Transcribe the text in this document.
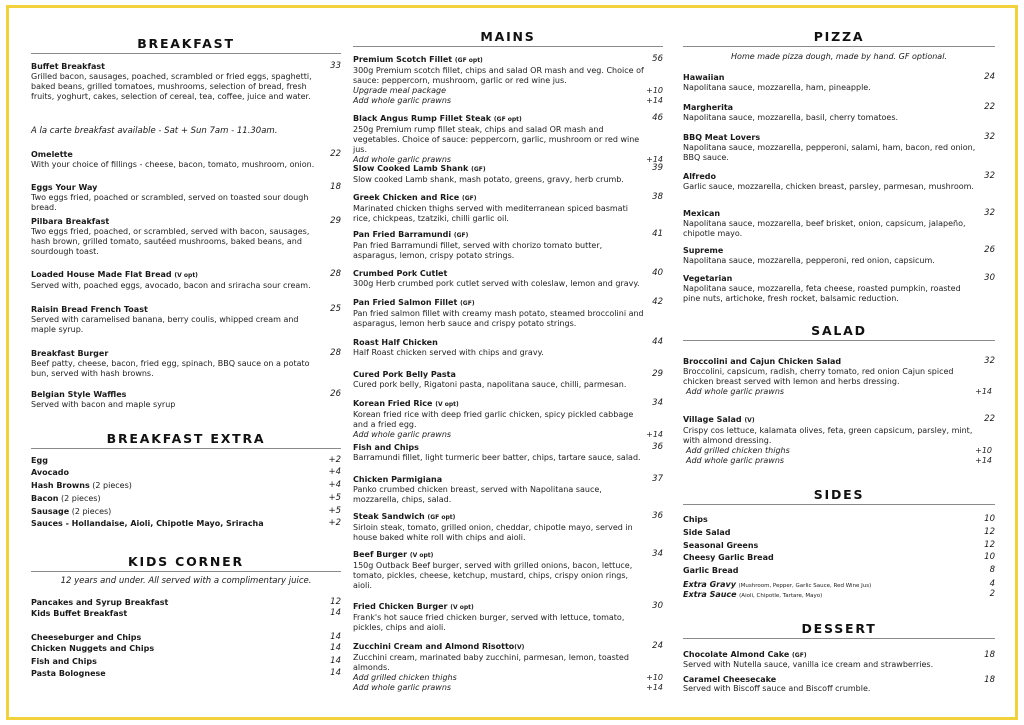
BREAKFAST
Buffet Breakfast	33
Grilled bacon, sausages, poached, scrambled or fried eggs, spaghetti, baked beans, grilled tomatoes, mushrooms, selection of bread, fresh fruits, yoghurt, cakes, selection of cereal, tea, coffee, juice and water.
A la carte breakfast available - Sat + Sun 7am - 11.30am.
Omelette	22
With your choice of fillings - cheese, bacon, tomato, mushroom, onion.
Eggs Your Way	18
Two eggs fried, poached or scrambled, served on toasted sour dough bread.
Pilbara Breakfast	29
Two eggs fried, poached, or scrambled, served with bacon, sausages, hash brown, grilled tomato, sautéed mushrooms, baked beans, and sourdough toast.
Loaded House Made Flat Bread (V opt)	28
Served with, poached eggs, avocado, bacon and sriracha sour cream.
Raisin Bread French Toast	25
Served with caramelised banana, berry coulis, whipped cream and maple syrup.
Breakfast Burger	28
Beef patty, cheese, bacon, fried egg, spinach, BBQ sauce on a potato bun, served with hash browns.
Belgian Style Waffles	26
Served with bacon and maple syrup
BREAKFAST EXTRA
Egg	+2
Avocado	+4
Hash Browns (2 pieces)	+4
Bacon (2 pieces)	+5
Sausage (2 pieces)	+5
Sauces - Hollandaise, Aioli, Chipotle Mayo, Sriracha	+2
KIDS CORNER
12 years and under. All served with a complimentary juice.
Pancakes and Syrup Breakfast	12
Kids Buffet Breakfast	14
Cheeseburger and Chips	14
Chicken Nuggets and Chips	14
Fish and Chips	14
Pasta Bolognese	14
MAINS
Premium Scotch Fillet (GF opt)	56
300g Premium scotch fillet, chips and salad OR mash and veg. Choice of sauce: peppercorn, mushroom, garlic or red wine jus.
Upgrade meal package	+10
Add whole garlic prawns	+14
Black Angus Rump Fillet Steak (GF opt)	46
250g Premium rump fillet steak, chips and salad OR mash and vegetables. Choice of sauce: peppercorn, garlic, mushroom or red wine jus.
Add whole garlic prawns	+14
Slow Cooked Lamb Shank (GF)	39
Slow cooked Lamb shank, mash potato, greens, gravy, herb crumb.
Greek Chicken and Rice (GF)	38
Marinated chicken thighs served with mediterranean spiced basmati rice, chickpeas, tzatziki, chilli garlic oil.
Pan Fried Barramundi (GF)	41
Pan fried Barramundi fillet, served with chorizo tomato butter, asparagus, lemon, crispy potato strings.
Crumbed Pork Cutlet	40
300g Herb crumbed pork cutlet served with coleslaw, lemon and gravy.
Pan Fried Salmon Fillet (GF)	42
Pan fried salmon fillet with creamy mash potato, steamed broccolini and asparagus, lemon herb sauce and crispy potato strings.
Roast Half Chicken	44
Half Roast chicken served with chips and gravy.
Cured Pork Belly Pasta	29
Cured pork belly, Rigatoni pasta, napolitana sauce, chilli, parmesan.
Korean Fried Rice (V opt)	34
Korean fried rice with deep fried garlic chicken, spicy pickled cabbage and a fried egg.
Add whole garlic prawns	+14
Fish and Chips	36
Barramundi fillet, light turmeric beer batter, chips, tartare sauce, salad.
Chicken Parmigiana	37
Panko crumbed chicken breast, served with Napolitana sauce, mozzarella, chips, salad.
Steak Sandwich (GF opt)	36
Sirloin steak, tomato, grilled onion, cheddar, chipotle mayo, served in house baked white roll with chips and aioli.
Beef Burger (V opt)	34
150g Outback Beef burger, served with grilled onions, bacon, lettuce, tomato, pickles, cheese, ketchup, mustard, chips, crispy onion rings, aioli.
Fried Chicken Burger (V opt)	30
Frank's hot sauce fried chicken burger, served with lettuce, tomato, pickles, chips and aioli.
Zucchini Cream and Almond Risotto(V)	24
Zucchini cream, marinated baby zucchini, parmesan, lemon, toasted almonds.
Add grilled chicken thighs	+10
Add whole garlic prawns	+14
PIZZA
Home made pizza dough, made by hand. GF optional.
Hawaiian	24
Napolitana sauce, mozzarella, ham, pineapple.
Margherita	22
Napolitana sauce, mozzarella, basil, cherry tomatoes.
BBQ Meat Lovers	32
Napolitana sauce, mozzarella, pepperoni, salami, ham, bacon, red onion, BBQ sauce.
Alfredo	32
Garlic sauce, mozzarella, chicken breast, parsley, parmesan, mushroom.
Mexican	32
Napolitana sauce, mozzarella, beef brisket, onion, capsicum, jalapeño, chipotle mayo.
Supreme	26
Napolitana sauce, mozzarella, pepperoni, red onion, capsicum.
Vegetarian	30
Napolitana sauce, mozzarella, feta cheese, roasted pumpkin, roasted pine nuts, artichoke, fresh rocket, balsamic reduction.
SALAD
Broccolini and Cajun Chicken Salad	32
Broccolini, capsicum, radish, cherry tomato, red onion Cajun spiced chicken breast served with lemon and herbs dressing.
Add whole garlic prawns	+14
Village Salad (V)	22
Crispy cos lettuce, kalamata olives, feta, green capsicum, parsley, mint, with almond dressing.
Add grilled chicken thighs	+10
Add whole garlic prawns	+14
SIDES
Chips	10
Side Salad	12
Seasonal Greens	12
Cheesy Garlic Bread	10
Garlic Bread	8
Extra Gravy (Mushroom, Pepper, Garlic Sauce, Red Wine Jus)	4
Extra Sauce (Aioli, Chipotle, Tartare, Mayo)	2
DESSERT
Chocolate Almond Cake (GF)	18
Served with Nutella sauce, vanilla ice cream and strawberries.
Caramel Cheesecake	18
Served with Biscoff sauce and Biscoff crumble.
